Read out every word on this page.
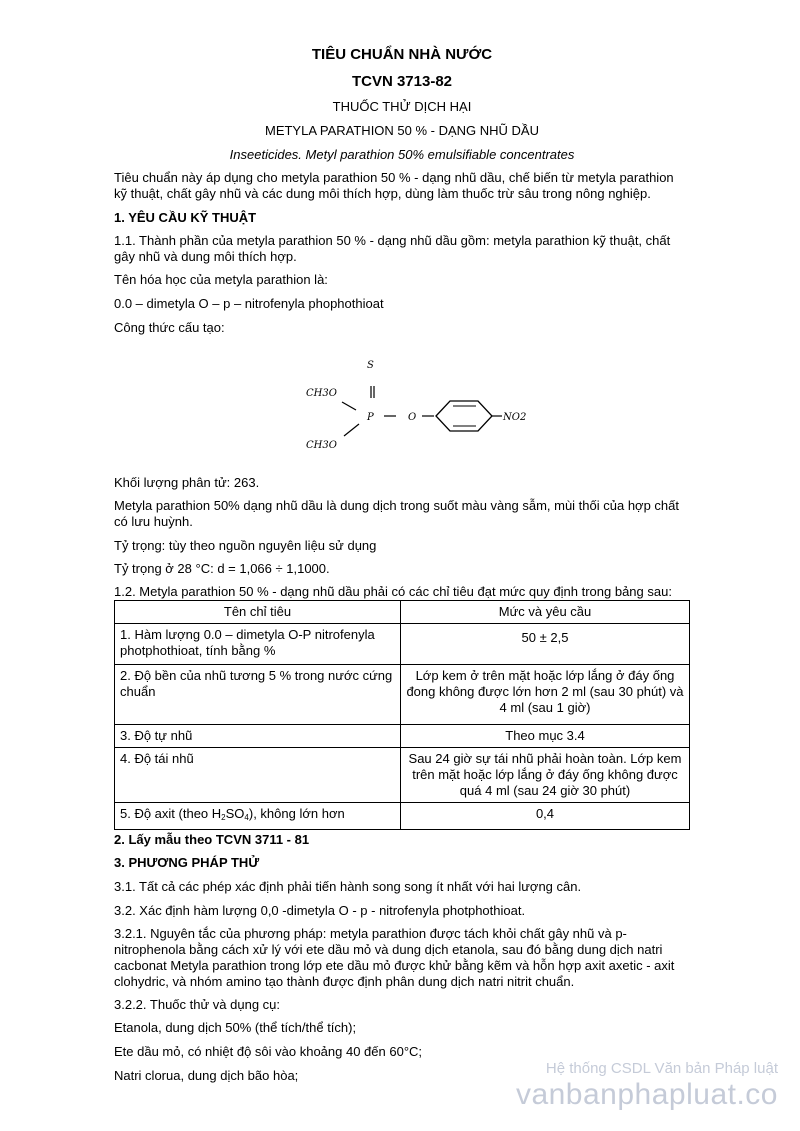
TIÊU CHUẨN NHÀ NƯỚC
TCVN 3713-82
THUỐC THỬ DỊCH HẠI
METYLA PARATHION 50 % - DẠNG NHŨ DẦU
Inseeticides. Metyl parathion 50% emulsifiable concentrates

Tiêu chuẩn này áp dụng cho metyla parathion 50 % - dạng nhũ dầu, chế biến từ metyla parathion kỹ thuật, chất gây nhũ và các dung môi thích hợp, dùng làm thuốc trừ sâu trong nông nghiệp.

1. YÊU CẦU KỸ THUẬT

1.1. Thành phần của metyla parathion 50 % - dạng nhũ dầu gồm: metyla parathion kỹ thuật, chất gây nhũ và dung môi thích hợp.

Tên hóa học của metyla parathion là:

0.0 – dimetyla O – p – nitrofenyla phophothioat

Công thức cấu tạo:

S
CH3O
P	O
CH3O
NO2

Khối lượng phân tử: 263.

Metyla parathion 50% dạng nhũ dầu là dung dịch trong suốt màu vàng sẫm, mùi thối của hợp chất có lưu huỳnh.

Tỷ trọng: tùy theo nguồn nguyên liệu sử dụng

Tỷ trọng ở 28 °C: d = 1,066 ÷ 1,1000.

1.2. Metyla parathion 50 % - dạng nhũ dầu phải có các chỉ tiêu đạt mức quy định trong bảng sau:

Tên chỉ tiêu	Mức và yêu cầu
1. Hàm lượng 0.0 – dimetyla O-P nitrofenyla photphothioat, tính bằng %	50 ± 2,5
2. Độ bền của nhũ tương 5 % trong nước cứng chuẩn	Lớp kem ở trên mặt hoặc lớp lắng ở đáy ống đong không được lớn hơn 2 ml (sau 30 phút) và 4 ml (sau 1 giờ)
3. Độ tự nhũ	Theo mục 3.4
4. Độ tái nhũ	Sau 24 giờ sự tái nhũ phải hoàn toàn. Lớp kem trên mặt hoặc lớp lắng ở đáy ống không được quá 4 ml (sau 24 giờ 30 phút)
5. Độ axit (theo $H_2SO_4$), không lớn hơn	0,4

2. Lấy mẫu theo TCVN 3711 - 81

3. PHƯƠNG PHÁP THỬ

3.1. Tất cả các phép xác định phải tiến hành song song ít nhất với hai lượng cân.

3.2. Xác định hàm lượng 0,0 -dimetyla O - p - nitrofenyla photphothioat.

3.2.1. Nguyên tắc của phương pháp: metyla parathion được tách khỏi chất gây nhũ và p-nitrophenola bằng cách xử lý với ete dầu mỏ và dung dịch etanola, sau đó bằng dung dịch natri cacbonat Metyla parathion trong lớp ete dầu mỏ được khử bằng kẽm và hỗn hợp axit axetic - axit clohydric, và nhóm amino tạo thành được định phân dung dịch natri nitrit chuẩn.

3.2.2. Thuốc thử và dụng cụ:

Etanola, dung dịch 50% (thể tích/thể tích);

Ete dầu mỏ, có nhiệt độ sôi vào khoảng 40 đến 60°C;

Natri clorua, dung dịch bão hòa;	Hệ thống CSDL Văn bản Pháp luật
vanbanphapluat.co
